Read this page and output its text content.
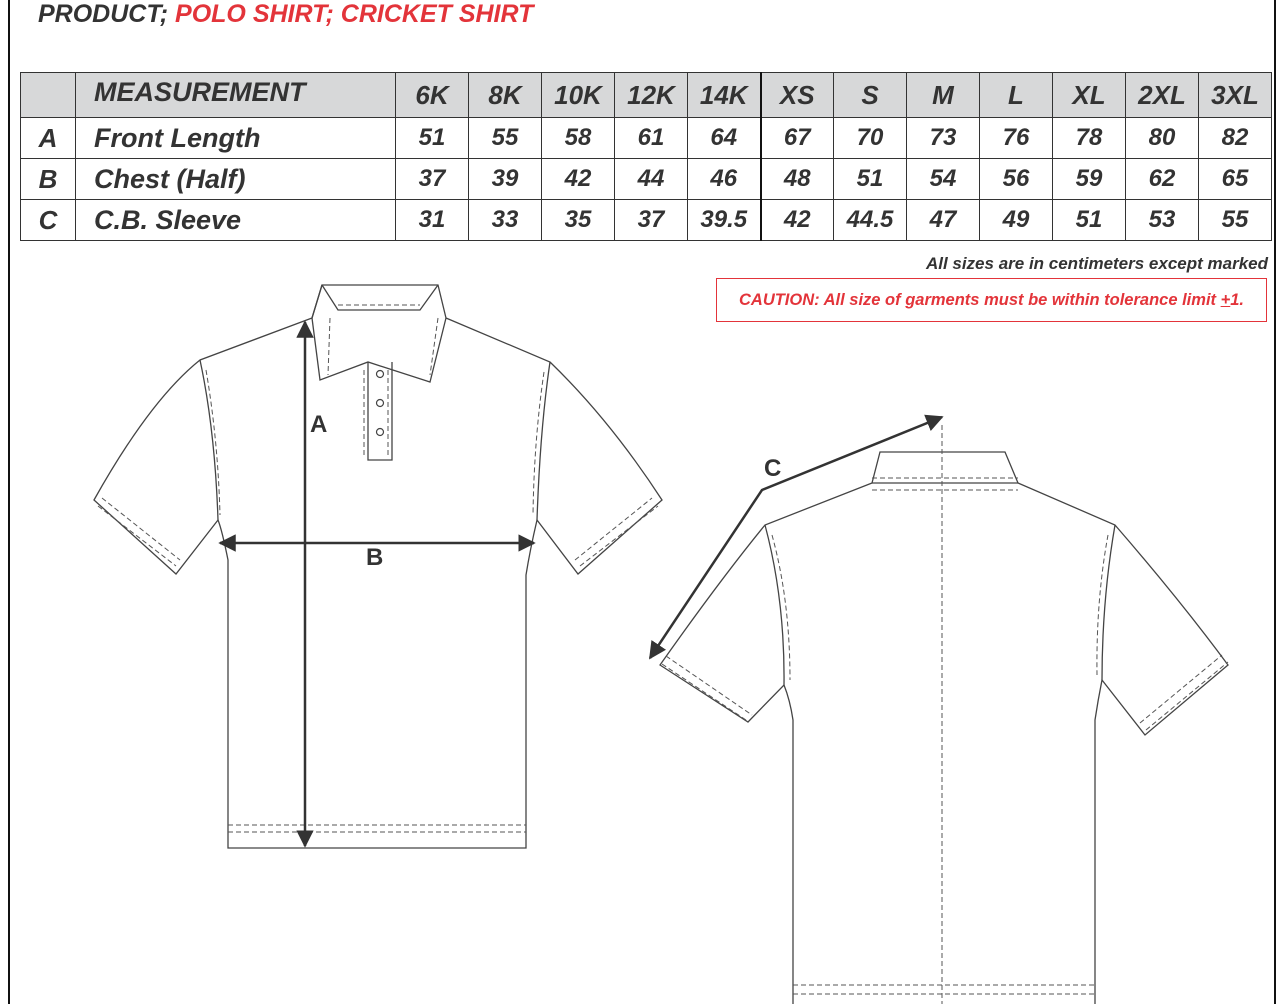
PRODUCT; POLO SHIRT; CRICKET SHIRT
	MEASUREMENT	6K	8K	10K	12K	14K	XS	S	M	L	XL	2XL	3XL
A	Front Length	51	55	58	61	64	67	70	73	76	78	80	82
B	Chest (Half)	37	39	42	44	46	48	51	54	56	59	62	65
C	C.B. Sleeve	31	33	35	37	39.5	42	44.5	47	49	51	53	55
All sizes are in centimeters except marked
CAUTION: All size of garments must be within tolerance limit +1.
A
B
C
